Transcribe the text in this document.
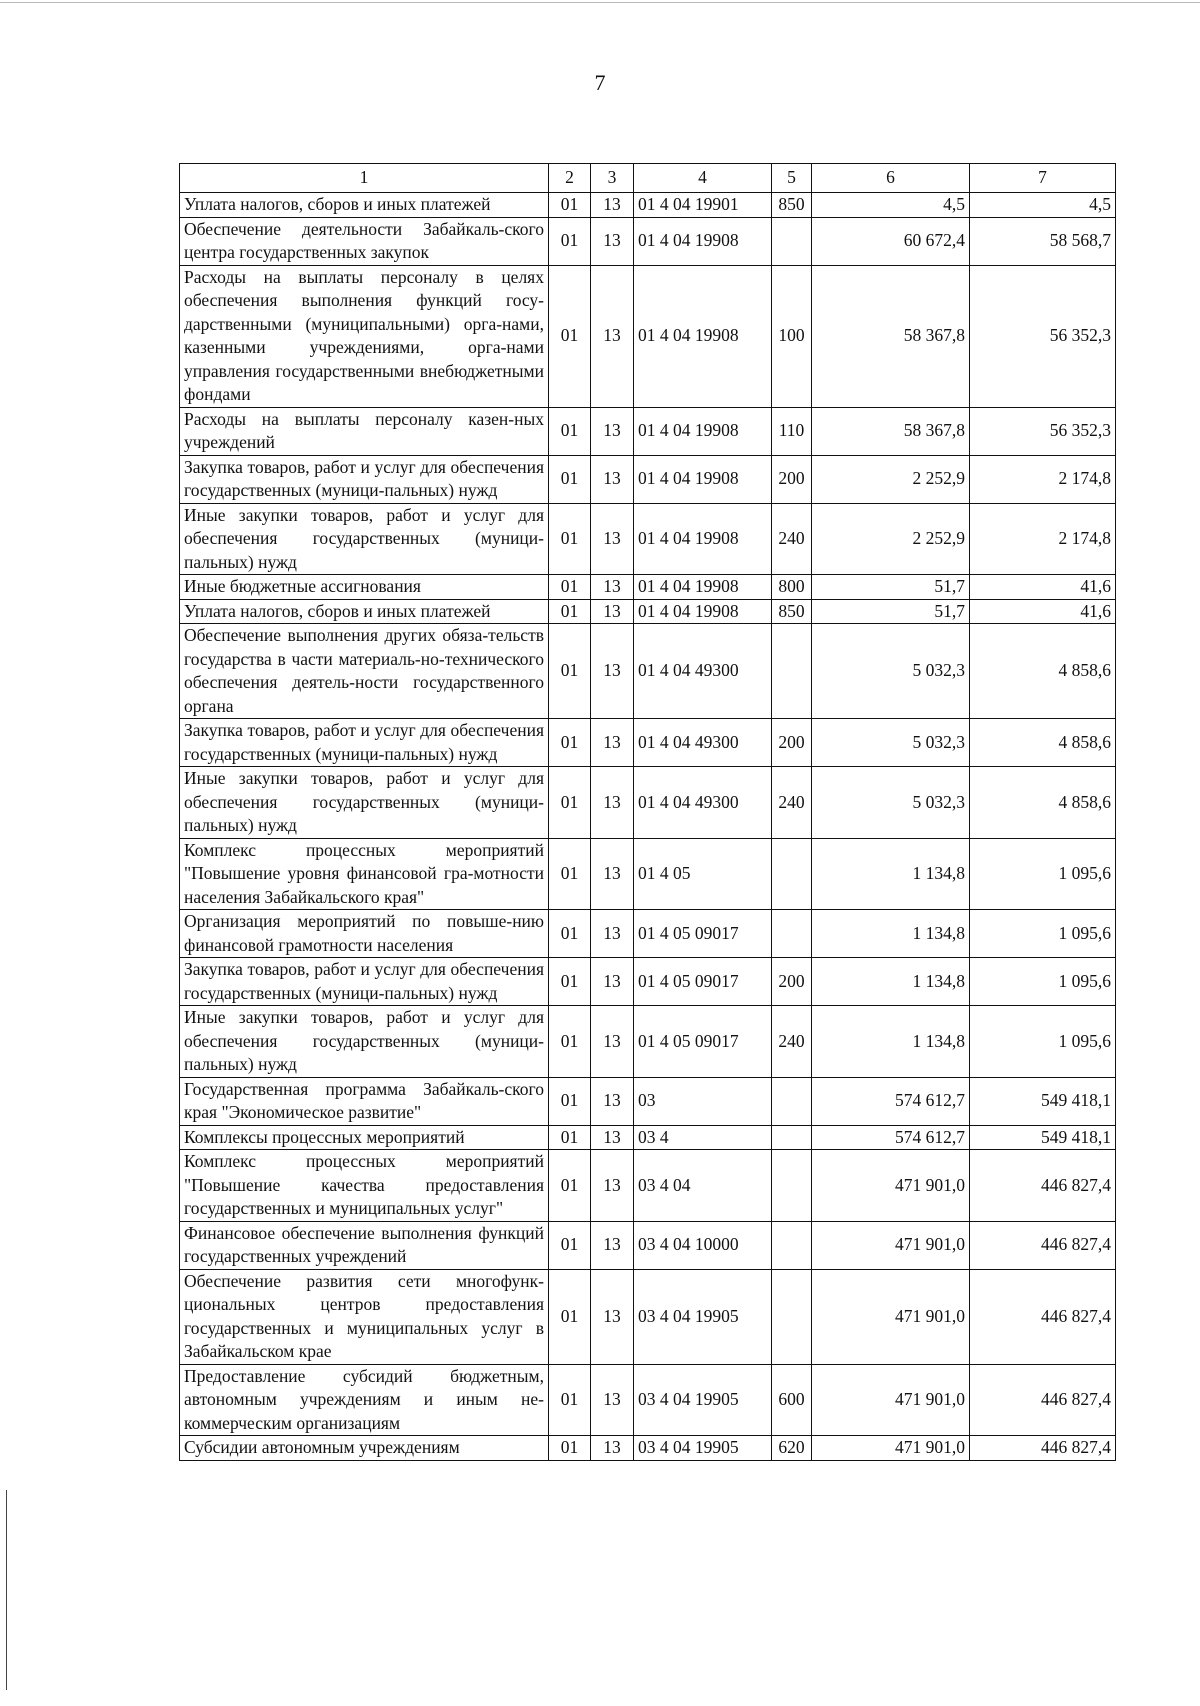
7
1	2	3	4	5	6	7
Уплата налогов, сборов и иных платежей	01	13	01 4 04 19901	850	4,5	4,5
Обеспечение деятельности Забайкаль-ского центра государственных закупок	01	13	01 4 04 19908		60 672,4	58 568,7
Расходы на выплаты персоналу в целях обеспечения выполнения функций госу-дарственными (муниципальными) орга-нами, казенными учреждениями, орга-нами управления государственными внебюджетными фондами	01	13	01 4 04 19908	100	58 367,8	56 352,3
Расходы на выплаты персоналу казен-ных учреждений	01	13	01 4 04 19908	110	58 367,8	56 352,3
Закупка товаров, работ и услуг для обеспечения государственных (муници-пальных) нужд	01	13	01 4 04 19908	200	2 252,9	2 174,8
Иные закупки товаров, работ и услуг для обеспечения государственных (муници-пальных) нужд	01	13	01 4 04 19908	240	2 252,9	2 174,8
Иные бюджетные ассигнования	01	13	01 4 04 19908	800	51,7	41,6
Уплата налогов, сборов и иных платежей	01	13	01 4 04 19908	850	51,7	41,6
Обеспечение выполнения других обяза-тельств государства в части материаль-но-технического обеспечения деятель-ности государственного органа	01	13	01 4 04 49300		5 032,3	4 858,6
Закупка товаров, работ и услуг для обеспечения государственных (муници-пальных) нужд	01	13	01 4 04 49300	200	5 032,3	4 858,6
Иные закупки товаров, работ и услуг для обеспечения государственных (муници-пальных) нужд	01	13	01 4 04 49300	240	5 032,3	4 858,6
Комплекс процессных мероприятий "Повышение уровня финансовой гра-мотности населения Забайкальского края"	01	13	01 4 05		1 134,8	1 095,6
Организация мероприятий по повыше-нию финансовой грамотности населения	01	13	01 4 05 09017		1 134,8	1 095,6
Закупка товаров, работ и услуг для обеспечения государственных (муници-пальных) нужд	01	13	01 4 05 09017	200	1 134,8	1 095,6
Иные закупки товаров, работ и услуг для обеспечения государственных (муници-пальных) нужд	01	13	01 4 05 09017	240	1 134,8	1 095,6
Государственная программа Забайкаль-ского края "Экономическое развитие"	01	13	03		574 612,7	549 418,1
Комплексы процессных мероприятий	01	13	03 4		574 612,7	549 418,1
Комплекс процессных мероприятий "Повышение качества предоставления государственных и муниципальных услуг"	01	13	03 4 04		471 901,0	446 827,4
Финансовое обеспечение выполнения функций государственных учреждений	01	13	03 4 04 10000		471 901,0	446 827,4
Обеспечение развития сети многофунк-циональных центров предоставления государственных и муниципальных услуг в Забайкальском крае	01	13	03 4 04 19905		471 901,0	446 827,4
Предоставление субсидий бюджетным, автономным учреждениям и иным не-коммерческим организациям	01	13	03 4 04 19905	600	471 901,0	446 827,4
Субсидии автономным учреждениям	01	13	03 4 04 19905	620	471 901,0	446 827,4
